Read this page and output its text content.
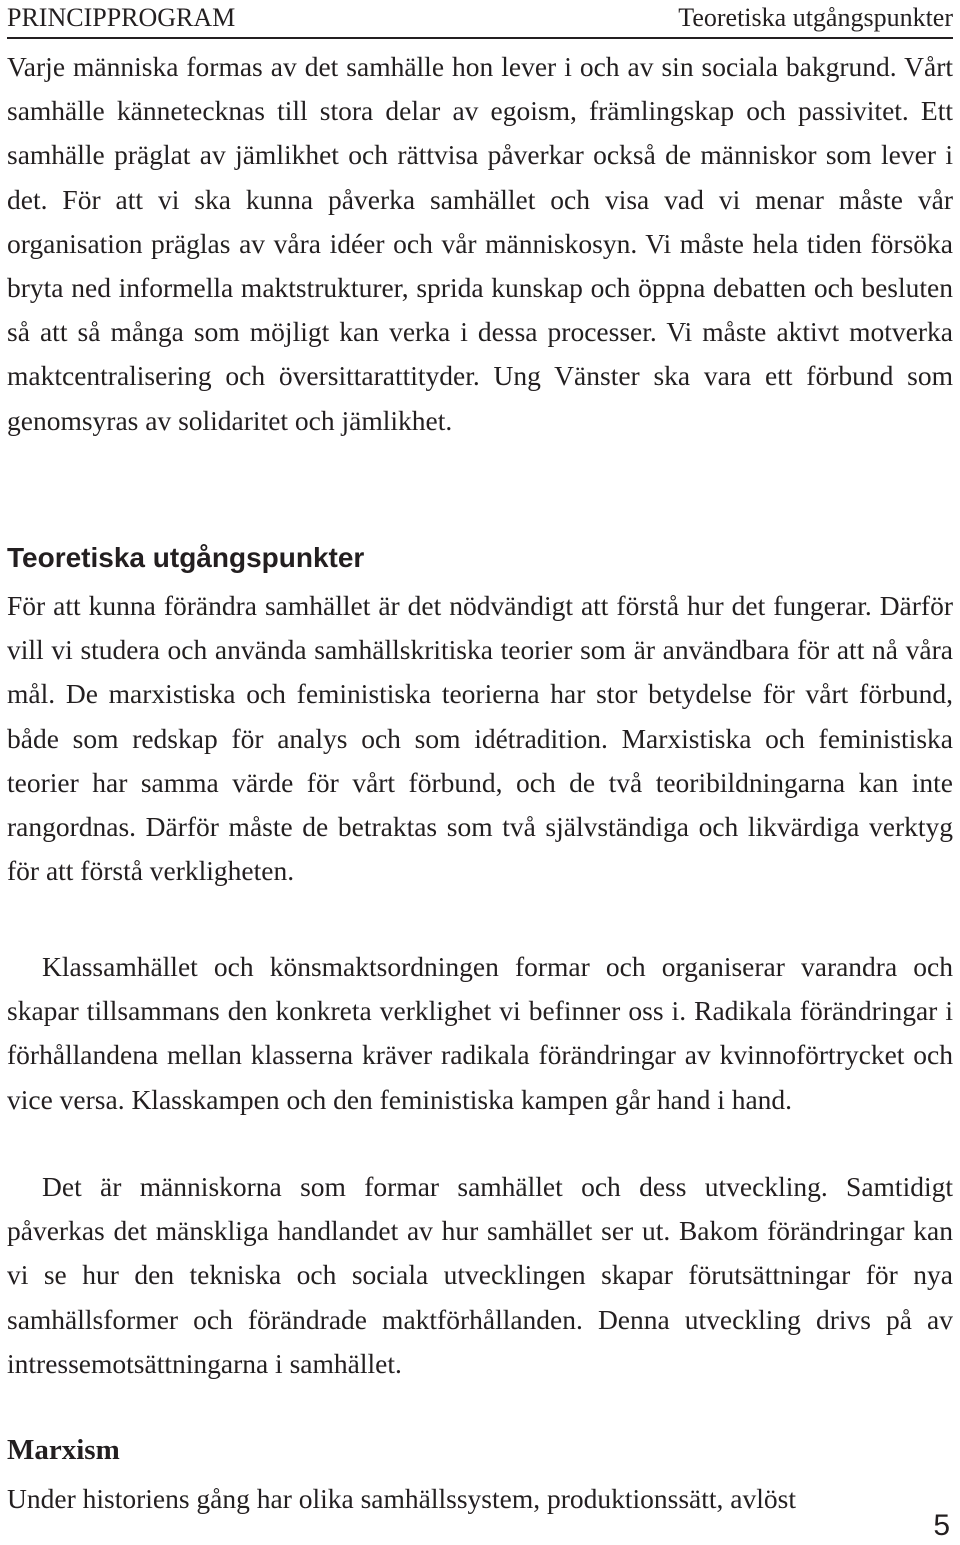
PRINCIPPROGRAM	Teoretiska utgångspunkter

Varje människa formas av det samhälle hon lever i och av sin sociala bakgrund. Vårt samhälle kännetecknas till stora delar av egoism, främlingskap och passivitet. Ett samhälle präglat av jämlikhet och rättvisa påverkar också de människor som lever i det. För att vi ska kunna påverka samhället och visa vad vi menar måste vår organisation präglas av våra idéer och vår människosyn. Vi måste hela tiden försöka bryta ned informella maktstrukturer, sprida kunskap och öppna debatten och besluten så att så många som möjligt kan verka i dessa processer. Vi måste aktivt motverka maktcentralisering och översittarattityder. Ung Vänster ska vara ett förbund som genomsyras av solidaritet och jämlikhet.

Teoretiska utgångspunkter

För att kunna förändra samhället är det nödvändigt att förstå hur det fungerar. Därför vill vi studera och använda samhällskritiska teorier som är användbara för att nå våra mål. De marxistiska och feministiska teorierna har stor betydelse för vårt förbund, både som redskap för analys och som idétradition. Marxistiska och feministiska teorier har samma värde för vårt förbund, och de två teoribildningarna kan inte rangordnas. Därför måste de betraktas som två självständiga och likvärdiga verktyg för att förstå verkligheten.

Klassamhället och könsmaktsordningen formar och organiserar varandra och skapar tillsammans den konkreta verklighet vi befinner oss i. Radikala förändringar i förhållandena mellan klasserna kräver radikala förändringar av kvinnoförtrycket och vice versa. Klasskampen och den feministiska kampen går hand i hand.

Det är människorna som formar samhället och dess utveckling. Samtidigt påverkas det mänskliga handlandet av hur samhället ser ut. Bakom förändringar kan vi se hur den tekniska och sociala utvecklingen skapar förutsättningar för nya samhällsformer och förändrade maktförhållanden. Denna utveckling drivs på av intressemotsättningarna i samhället.

Marxism

Under historiens gång har olika samhällssystem, produktionssätt, avlöst

5
